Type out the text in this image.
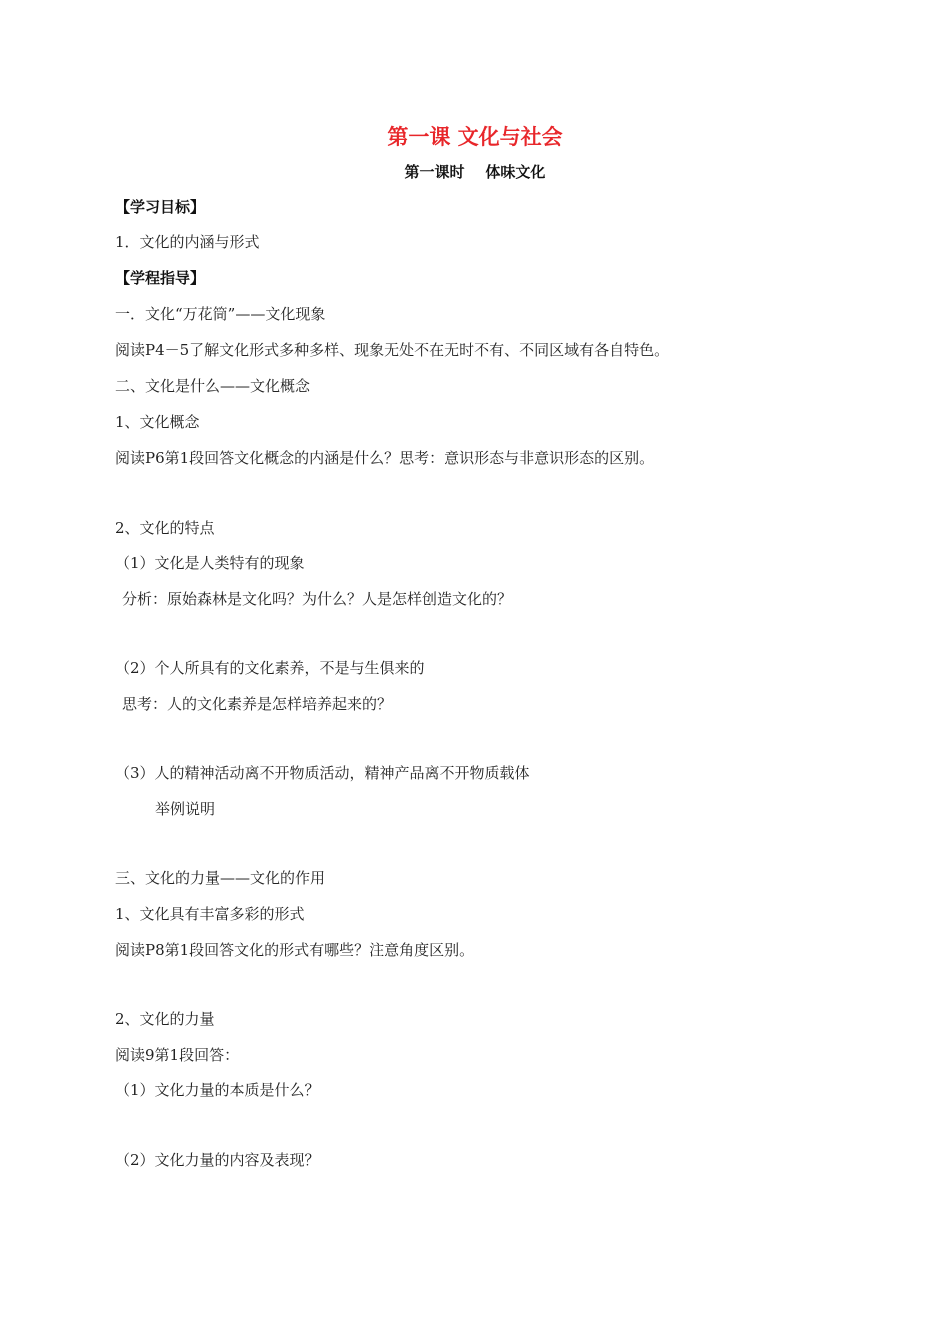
第一课 文化与社会
第一课时    体味文化
【学习目标】
1．文化的内涵与形式
【学程指导】
一．文化“万花筒”——文化现象
阅读P4－5了解文化形式多种多样、现象无处不在无时不有、不同区域有各自特色。
二、文化是什么——文化概念
1、文化概念
阅读P6第1段回答文化概念的内涵是什么？思考：意识形态与非意识形态的区别。
2、文化的特点
（1）文化是人类特有的现象
分析：原始森林是文化吗？为什么？人是怎样创造文化的？
（2）个人所具有的文化素养，不是与生俱来的
思考：人的文化素养是怎样培养起来的？
（3）人的精神活动离不开物质活动，精神产品离不开物质载体
举例说明
三、文化的力量——文化的作用
1、文化具有丰富多彩的形式
阅读P8第1段回答文化的形式有哪些？注意角度区别。
2、文化的力量
阅读9第1段回答：
（1）文化力量的本质是什么？
（2）文化力量的内容及表现？
